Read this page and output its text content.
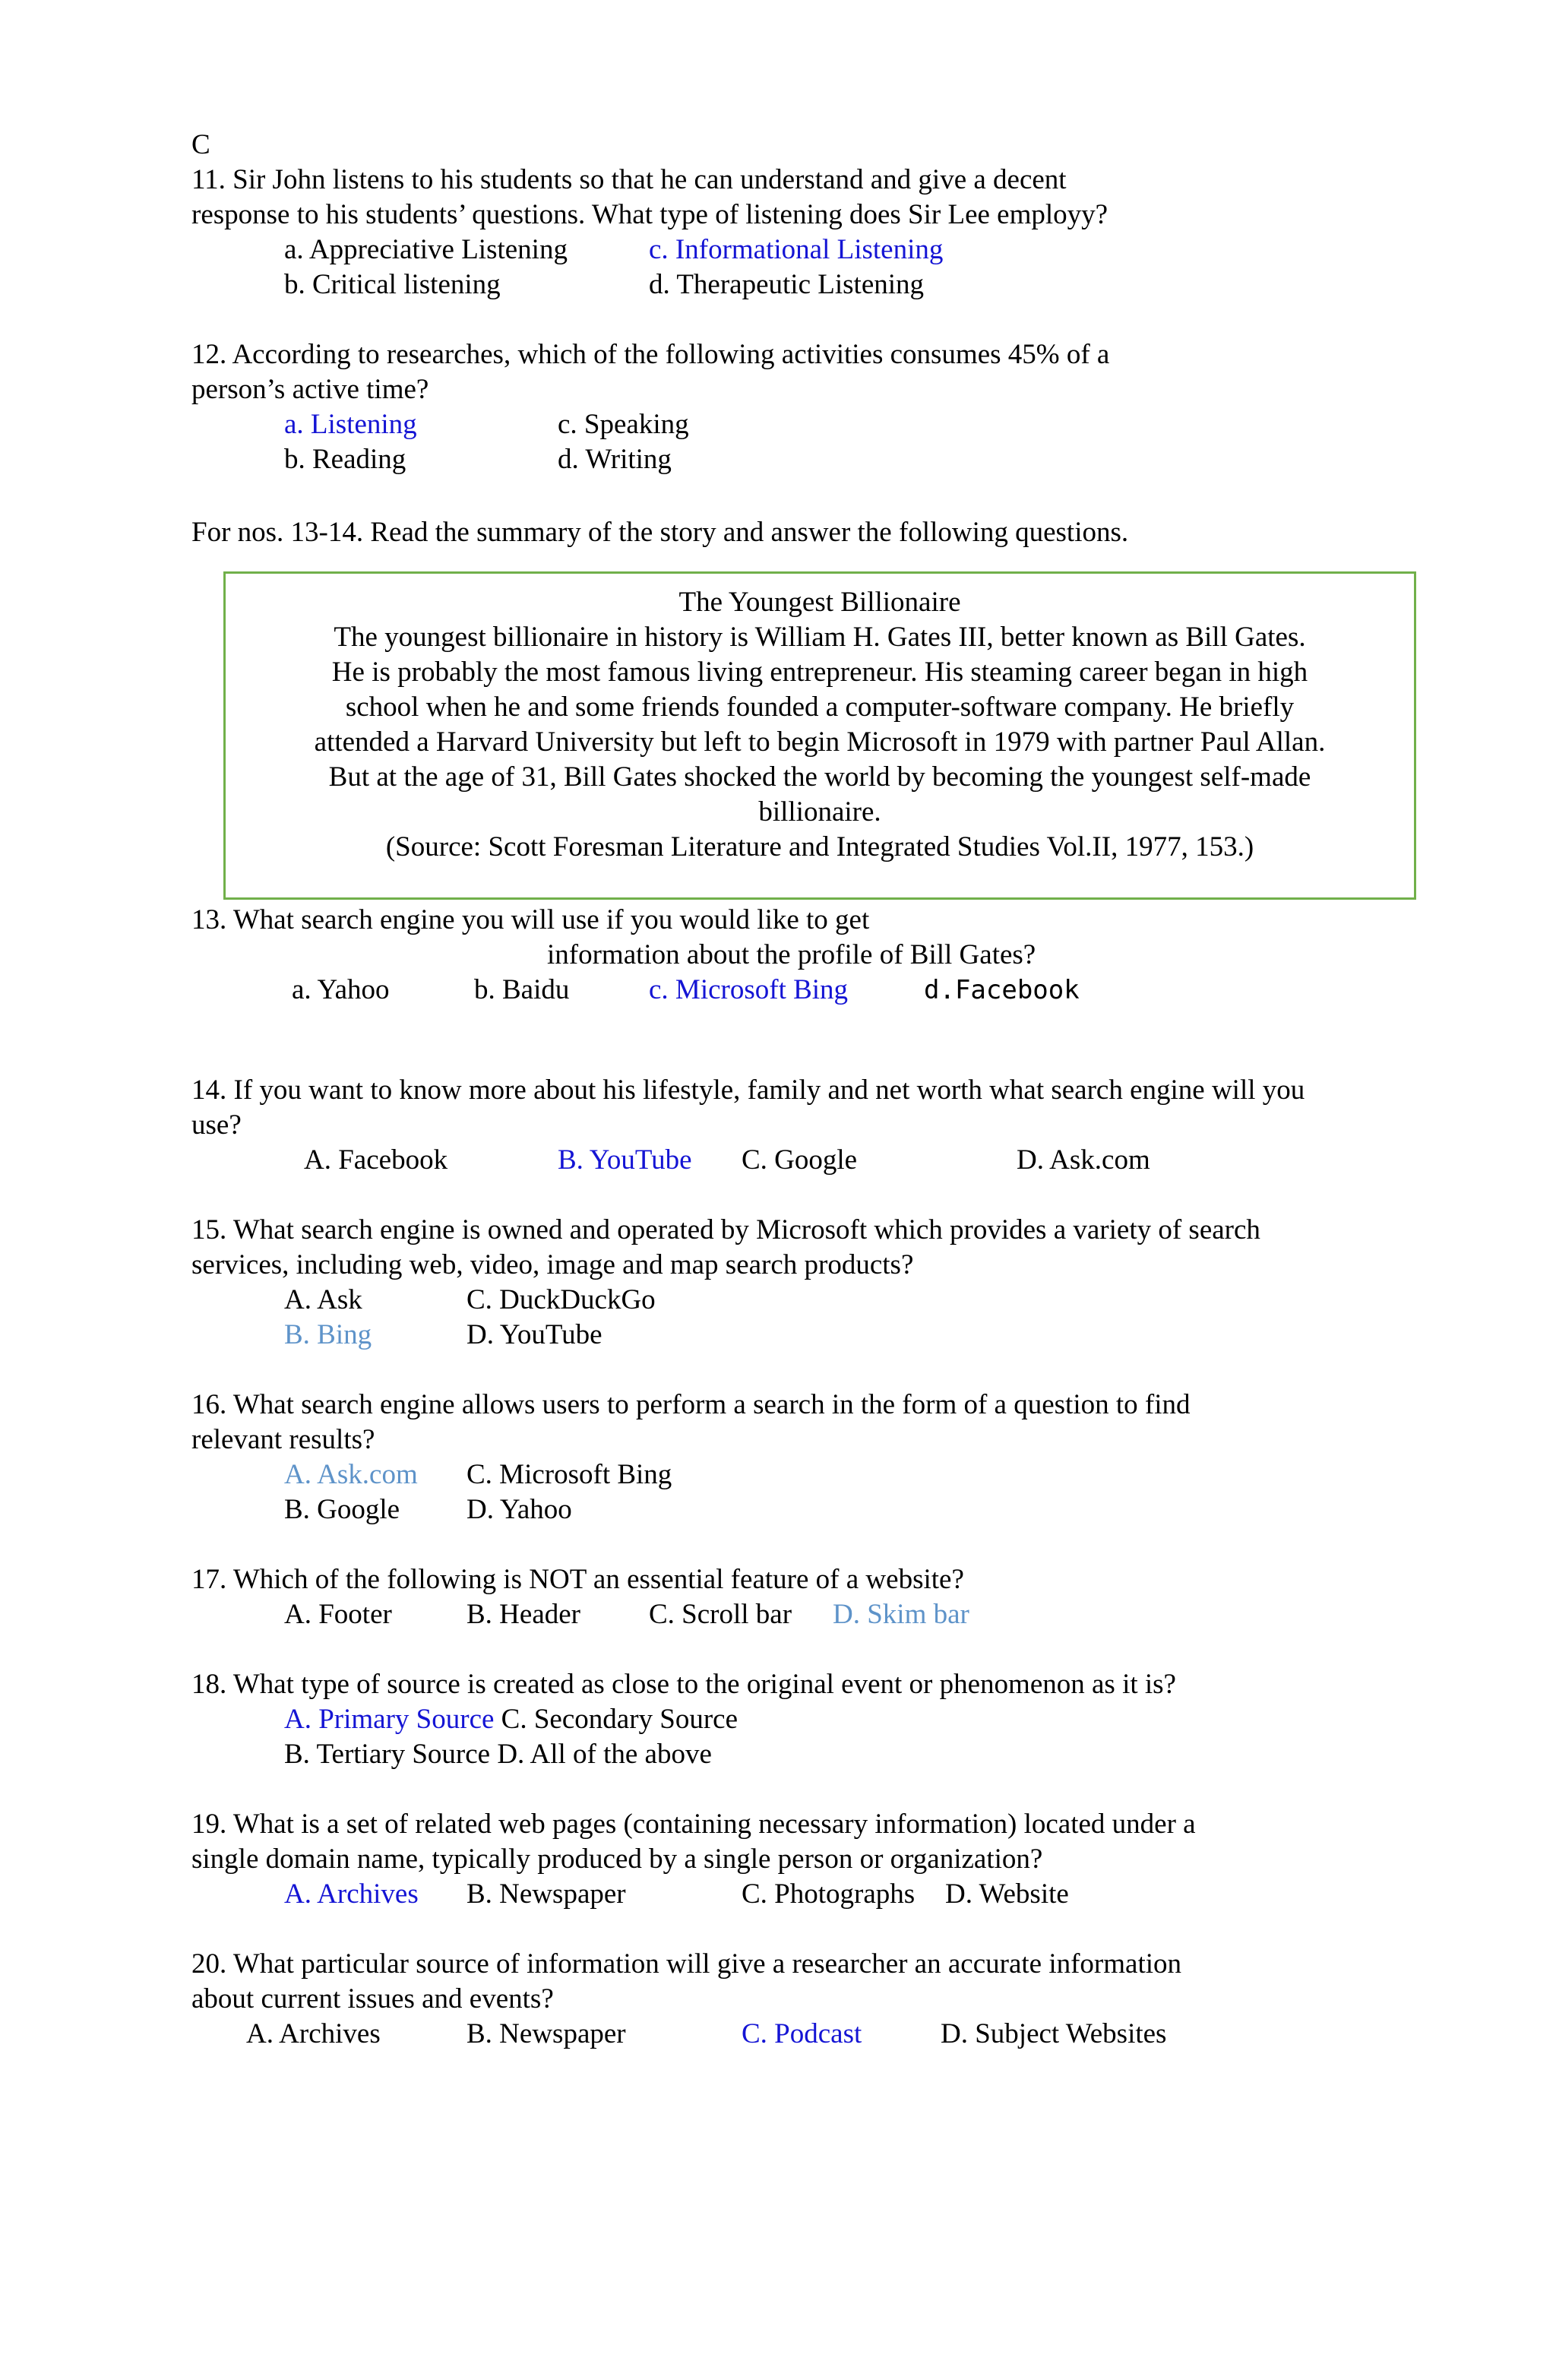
C
11. Sir John listens to his students so that he can understand and give a decent
response to his students’ questions. What type of listening does Sir Lee employy?
a. Appreciative Listening	c. Informational Listening
b. Critical listening	d. Therapeutic Listening
12. According to researches, which of the following activities consumes 45% of a
person’s active time?
a. Listening	c. Speaking
b. Reading	d. Writing
For nos. 13-14. Read the summary of the story and answer the following questions.
The Youngest Billionaire
The youngest billionaire in history is William H. Gates III, better known as Bill Gates.
He is probably the most famous living entrepreneur. His steaming career began in high
school when he and some friends founded a computer-software company. He briefly
attended a Harvard University but left to begin Microsoft in 1979 with partner Paul Allan.
But at the age of 31, Bill Gates shocked the world by becoming the youngest self-made
billionaire.
(Source: Scott Foresman Literature and Integrated Studies Vol.II, 1977, 153.)
13. What search engine you will use if you would like to get
information about the profile of Bill Gates?
a. Yahoo	b. Baidu	c. Microsoft Bing	d.Facebook
14. If you want to know more about his lifestyle, family and net worth what search engine will you
use?
A. Facebook	B. YouTube C. Google	D. Ask.com
15. What search engine is owned and operated by Microsoft which provides a variety of search
services, including web, video, image and map search products?
A. Ask	C. DuckDuckGo
B. Bing	D. YouTube
16. What search engine allows users to perform a search in the form of a question to find
relevant results?
A. Ask.com C. Microsoft Bing
B. Google D. Yahoo
17. Which of the following is NOT an essential feature of a website?
A. Footer	B. Header C. Scroll bar D. Skim bar
18. What type of source is created as close to the original event or phenomenon as it is?
A. Primary Source C. Secondary Source
B. Tertiary Source D. All of the above
19. What is a set of related web pages (containing necessary information) located under a
single domain name, typically produced by a single person or organization?
A. Archives B. Newspaper	C. Photographs D. Website
20. What particular source of information will give a researcher an accurate information
about current issues and events?
A. Archives	B. Newspaper	C. Podcast	D. Subject Websites
